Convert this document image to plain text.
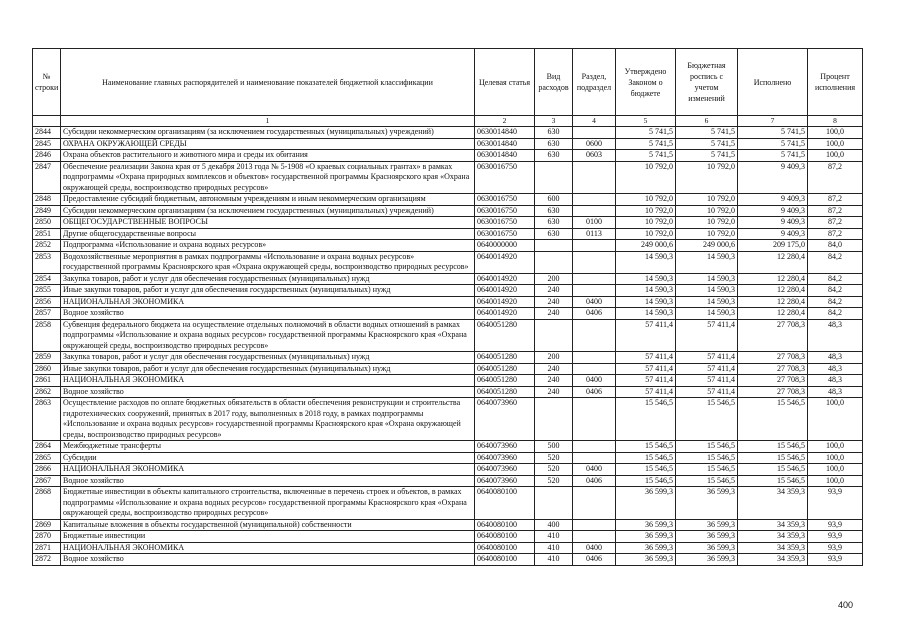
№ строки	Наименование главных распорядителей и наименование показателей бюджетной классификации	Целевая статья	Вид расходов	Раздел, подраздел	Утверждено Законом о бюджете	Бюджетная роспись с учетом изменений	Исполнено	Процент исполнения
	1	2	3	4	5	6	7	8
2844	Субсидии некоммерческим организациям (за исключением государственных (муниципальных) учреждений)	0630014840	630		5 741,5	5 741,5	5 741,5	100,0
2845	ОХРАНА ОКРУЖАЮЩЕЙ СРЕДЫ	0630014840	630	0600	5 741,5	5 741,5	5 741,5	100,0
2846	Охрана объектов растительного и животного мира и среды их обитания	0630014840	630	0603	5 741,5	5 741,5	5 741,5	100,0
2847	Обеспечение реализации Закона края от 5 декабря 2013 года № 5-1908 «О краевых социальных грантах» в рамках подпрограммы «Охрана природных комплексов и объектов» государственной программы Красноярского края «Охрана окружающей среды, воспроизводство природных ресурсов»	0630016750			10 792,0	10 792,0	9 409,3	87,2
2848	Предоставление субсидий бюджетным, автономным учреждениям и иным некоммерческим организациям	0630016750	600		10 792,0	10 792,0	9 409,3	87,2
2849	Субсидии некоммерческим организациям (за исключением государственных (муниципальных) учреждений)	0630016750	630		10 792,0	10 792,0	9 409,3	87,2
2850	ОБЩЕГОСУДАРСТВЕННЫЕ ВОПРОСЫ	0630016750	630	0100	10 792,0	10 792,0	9 409,3	87,2
2851	Другие общегосударственные вопросы	0630016750	630	0113	10 792,0	10 792,0	9 409,3	87,2
2852	Подпрограмма «Использование и охрана водных ресурсов»	0640000000			249 000,6	249 000,6	209 175,0	84,0
2853	Водохозяйственные мероприятия в рамках подпрограммы «Использование и охрана водных ресурсов» государственной программы Красноярского края «Охрана окружающей среды, воспроизводство природных ресурсов»	0640014920			14 590,3	14 590,3	12 280,4	84,2
2854	Закупка товаров, работ и услуг для обеспечения государственных (муниципальных) нужд	0640014920	200		14 590,3	14 590,3	12 280,4	84,2
2855	Иные закупки товаров, работ и услуг для обеспечения государственных (муниципальных) нужд	0640014920	240		14 590,3	14 590,3	12 280,4	84,2
2856	НАЦИОНАЛЬНАЯ ЭКОНОМИКА	0640014920	240	0400	14 590,3	14 590,3	12 280,4	84,2
2857	Водное хозяйство	0640014920	240	0406	14 590,3	14 590,3	12 280,4	84,2
2858	Субвенция федерального бюджета на осуществление отдельных полномочий в области водных отношений в рамках подпрограммы «Использование и охрана водных ресурсов» государственной программы Красноярского края «Охрана окружающей среды, воспроизводство природных ресурсов»	0640051280			57 411,4	57 411,4	27 708,3	48,3
2859	Закупка товаров, работ и услуг для обеспечения государственных (муниципальных) нужд	0640051280	200		57 411,4	57 411,4	27 708,3	48,3
2860	Иные закупки товаров, работ и услуг для обеспечения государственных (муниципальных) нужд	0640051280	240		57 411,4	57 411,4	27 708,3	48,3
2861	НАЦИОНАЛЬНАЯ ЭКОНОМИКА	0640051280	240	0400	57 411,4	57 411,4	27 708,3	48,3
2862	Водное хозяйство	0640051280	240	0406	57 411,4	57 411,4	27 708,3	48,3
2863	Осуществление расходов по оплате бюджетных обязательств в области обеспечения реконструкции и строительства гидротехнических сооружений, принятых в 2017 году, выполненных в 2018 году, в рамках подпрограммы «Использование и охрана водных ресурсов» государственной программы Красноярского края «Охрана окружающей среды, воспроизводство природных ресурсов»	0640073960			15 546,5	15 546,5	15 546,5	100,0
2864	Межбюджетные трансферты	0640073960	500		15 546,5	15 546,5	15 546,5	100,0
2865	Субсидии	0640073960	520		15 546,5	15 546,5	15 546,5	100,0
2866	НАЦИОНАЛЬНАЯ ЭКОНОМИКА	0640073960	520	0400	15 546,5	15 546,5	15 546,5	100,0
2867	Водное хозяйство	0640073960	520	0406	15 546,5	15 546,5	15 546,5	100,0
2868	Бюджетные инвестиции в объекты капитального строительства, включенные в перечень строек и объектов, в рамках подпрограммы «Использование и охрана водных ресурсов» государственной программы Красноярского края «Охрана окружающей среды, воспроизводство природных ресурсов»	0640080100			36 599,3	36 599,3	34 359,3	93,9
2869	Капитальные вложения в объекты государственной (муниципальной) собственности	0640080100	400		36 599,3	36 599,3	34 359,3	93,9
2870	Бюджетные инвестиции	0640080100	410		36 599,3	36 599,3	34 359,3	93,9
2871	НАЦИОНАЛЬНАЯ ЭКОНОМИКА	0640080100	410	0400	36 599,3	36 599,3	34 359,3	93,9
2872	Водное хозяйство	0640080100	410	0406	36 599,3	36 599,3	34 359,3	93,9
400
